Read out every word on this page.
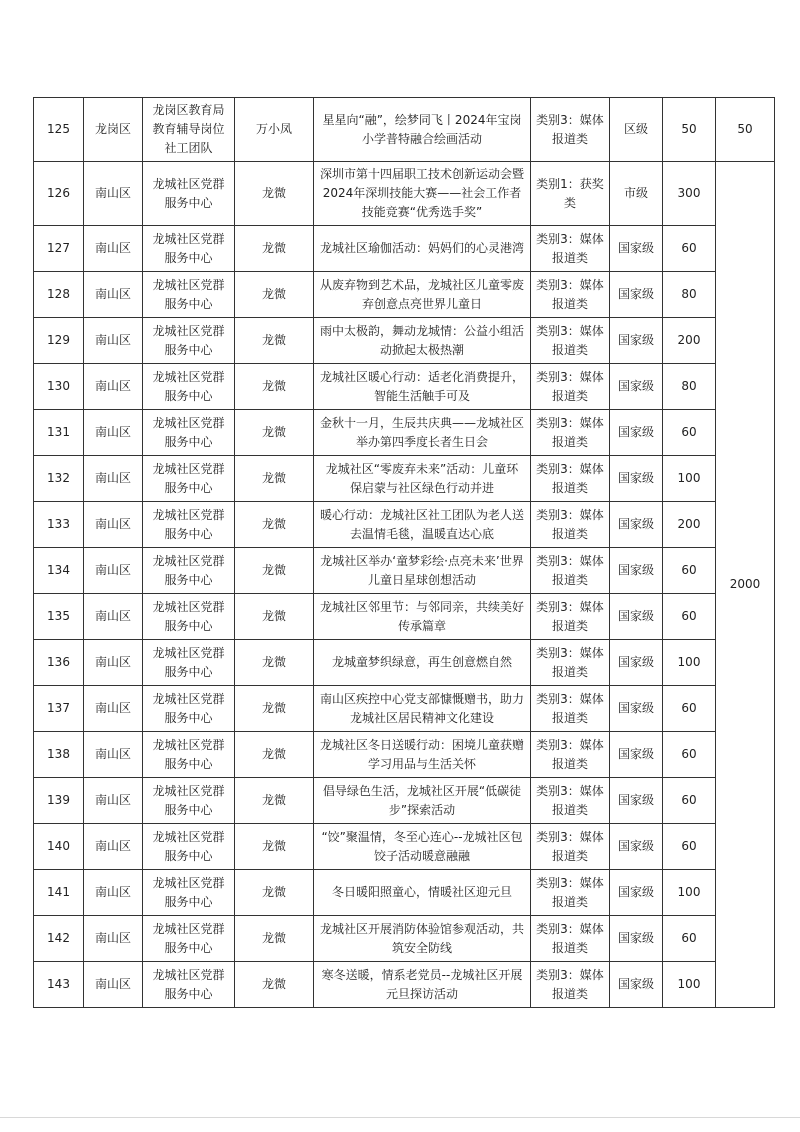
125	龙岗区	龙岗区教育局教育辅导岗位社工团队	万小凤	星星向“融”，绘梦同飞丨2024年宝岗小学普特融合绘画活动	类别3：媒体报道类	区级	50	50
126	南山区	龙城社区党群服务中心	龙微	深圳市第十四届职工技术创新运动会暨2024年深圳技能大赛——社会工作者技能竞赛“优秀选手奖”	类别1：获奖类	市级	300	2000
127	南山区	龙城社区党群服务中心	龙微	龙城社区瑜伽活动：妈妈们的心灵港湾	类别3：媒体报道类	国家级	60	
128	南山区	龙城社区党群服务中心	龙微	从废弃物到艺术品，龙城社区儿童零废弃创意点亮世界儿童日	类别3：媒体报道类	国家级	80	
129	南山区	龙城社区党群服务中心	龙微	雨中太极韵，舞动龙城情：公益小组活动掀起太极热潮	类别3：媒体报道类	国家级	200	
130	南山区	龙城社区党群服务中心	龙微	龙城社区暖心行动：适老化消费提升，智能生活触手可及	类别3：媒体报道类	国家级	80	
131	南山区	龙城社区党群服务中心	龙微	金秋十一月，生辰共庆典——龙城社区举办第四季度长者生日会	类别3：媒体报道类	国家级	60	
132	南山区	龙城社区党群服务中心	龙微	龙城社区“零废弃未来”活动：儿童环保启蒙与社区绿色行动并进	类别3：媒体报道类	国家级	100	
133	南山区	龙城社区党群服务中心	龙微	暖心行动：龙城社区社工团队为老人送去温情毛毯，温暖直达心底	类别3：媒体报道类	国家级	200	
134	南山区	龙城社区党群服务中心	龙微	龙城社区举办‘童梦彩绘·点亮未来’世界儿童日星球创想活动	类别3：媒体报道类	国家级	60	
135	南山区	龙城社区党群服务中心	龙微	龙城社区邻里节：与邻同亲，共续美好传承篇章	类别3：媒体报道类	国家级	60	
136	南山区	龙城社区党群服务中心	龙微	龙城童梦织绿意，再生创意燃自然	类别3：媒体报道类	国家级	100	
137	南山区	龙城社区党群服务中心	龙微	南山区疾控中心党支部慷慨赠书，助力龙城社区居民精神文化建设	类别3：媒体报道类	国家级	60	
138	南山区	龙城社区党群服务中心	龙微	龙城社区冬日送暖行动：困境儿童获赠学习用品与生活关怀	类别3：媒体报道类	国家级	60	
139	南山区	龙城社区党群服务中心	龙微	倡导绿色生活，龙城社区开展“低碳徒步”探索活动	类别3：媒体报道类	国家级	60	
140	南山区	龙城社区党群服务中心	龙微	“饺”聚温情，冬至心连心--龙城社区包饺子活动暖意融融	类别3：媒体报道类	国家级	60	
141	南山区	龙城社区党群服务中心	龙微	冬日暖阳照童心，情暖社区迎元旦	类别3：媒体报道类	国家级	100	
142	南山区	龙城社区党群服务中心	龙微	龙城社区开展消防体验馆参观活动，共筑安全防线	类别3：媒体报道类	国家级	60	
143	南山区	龙城社区党群服务中心	龙微	寒冬送暖，情系老党员--龙城社区开展元旦探访活动	类别3：媒体报道类	国家级	100	
